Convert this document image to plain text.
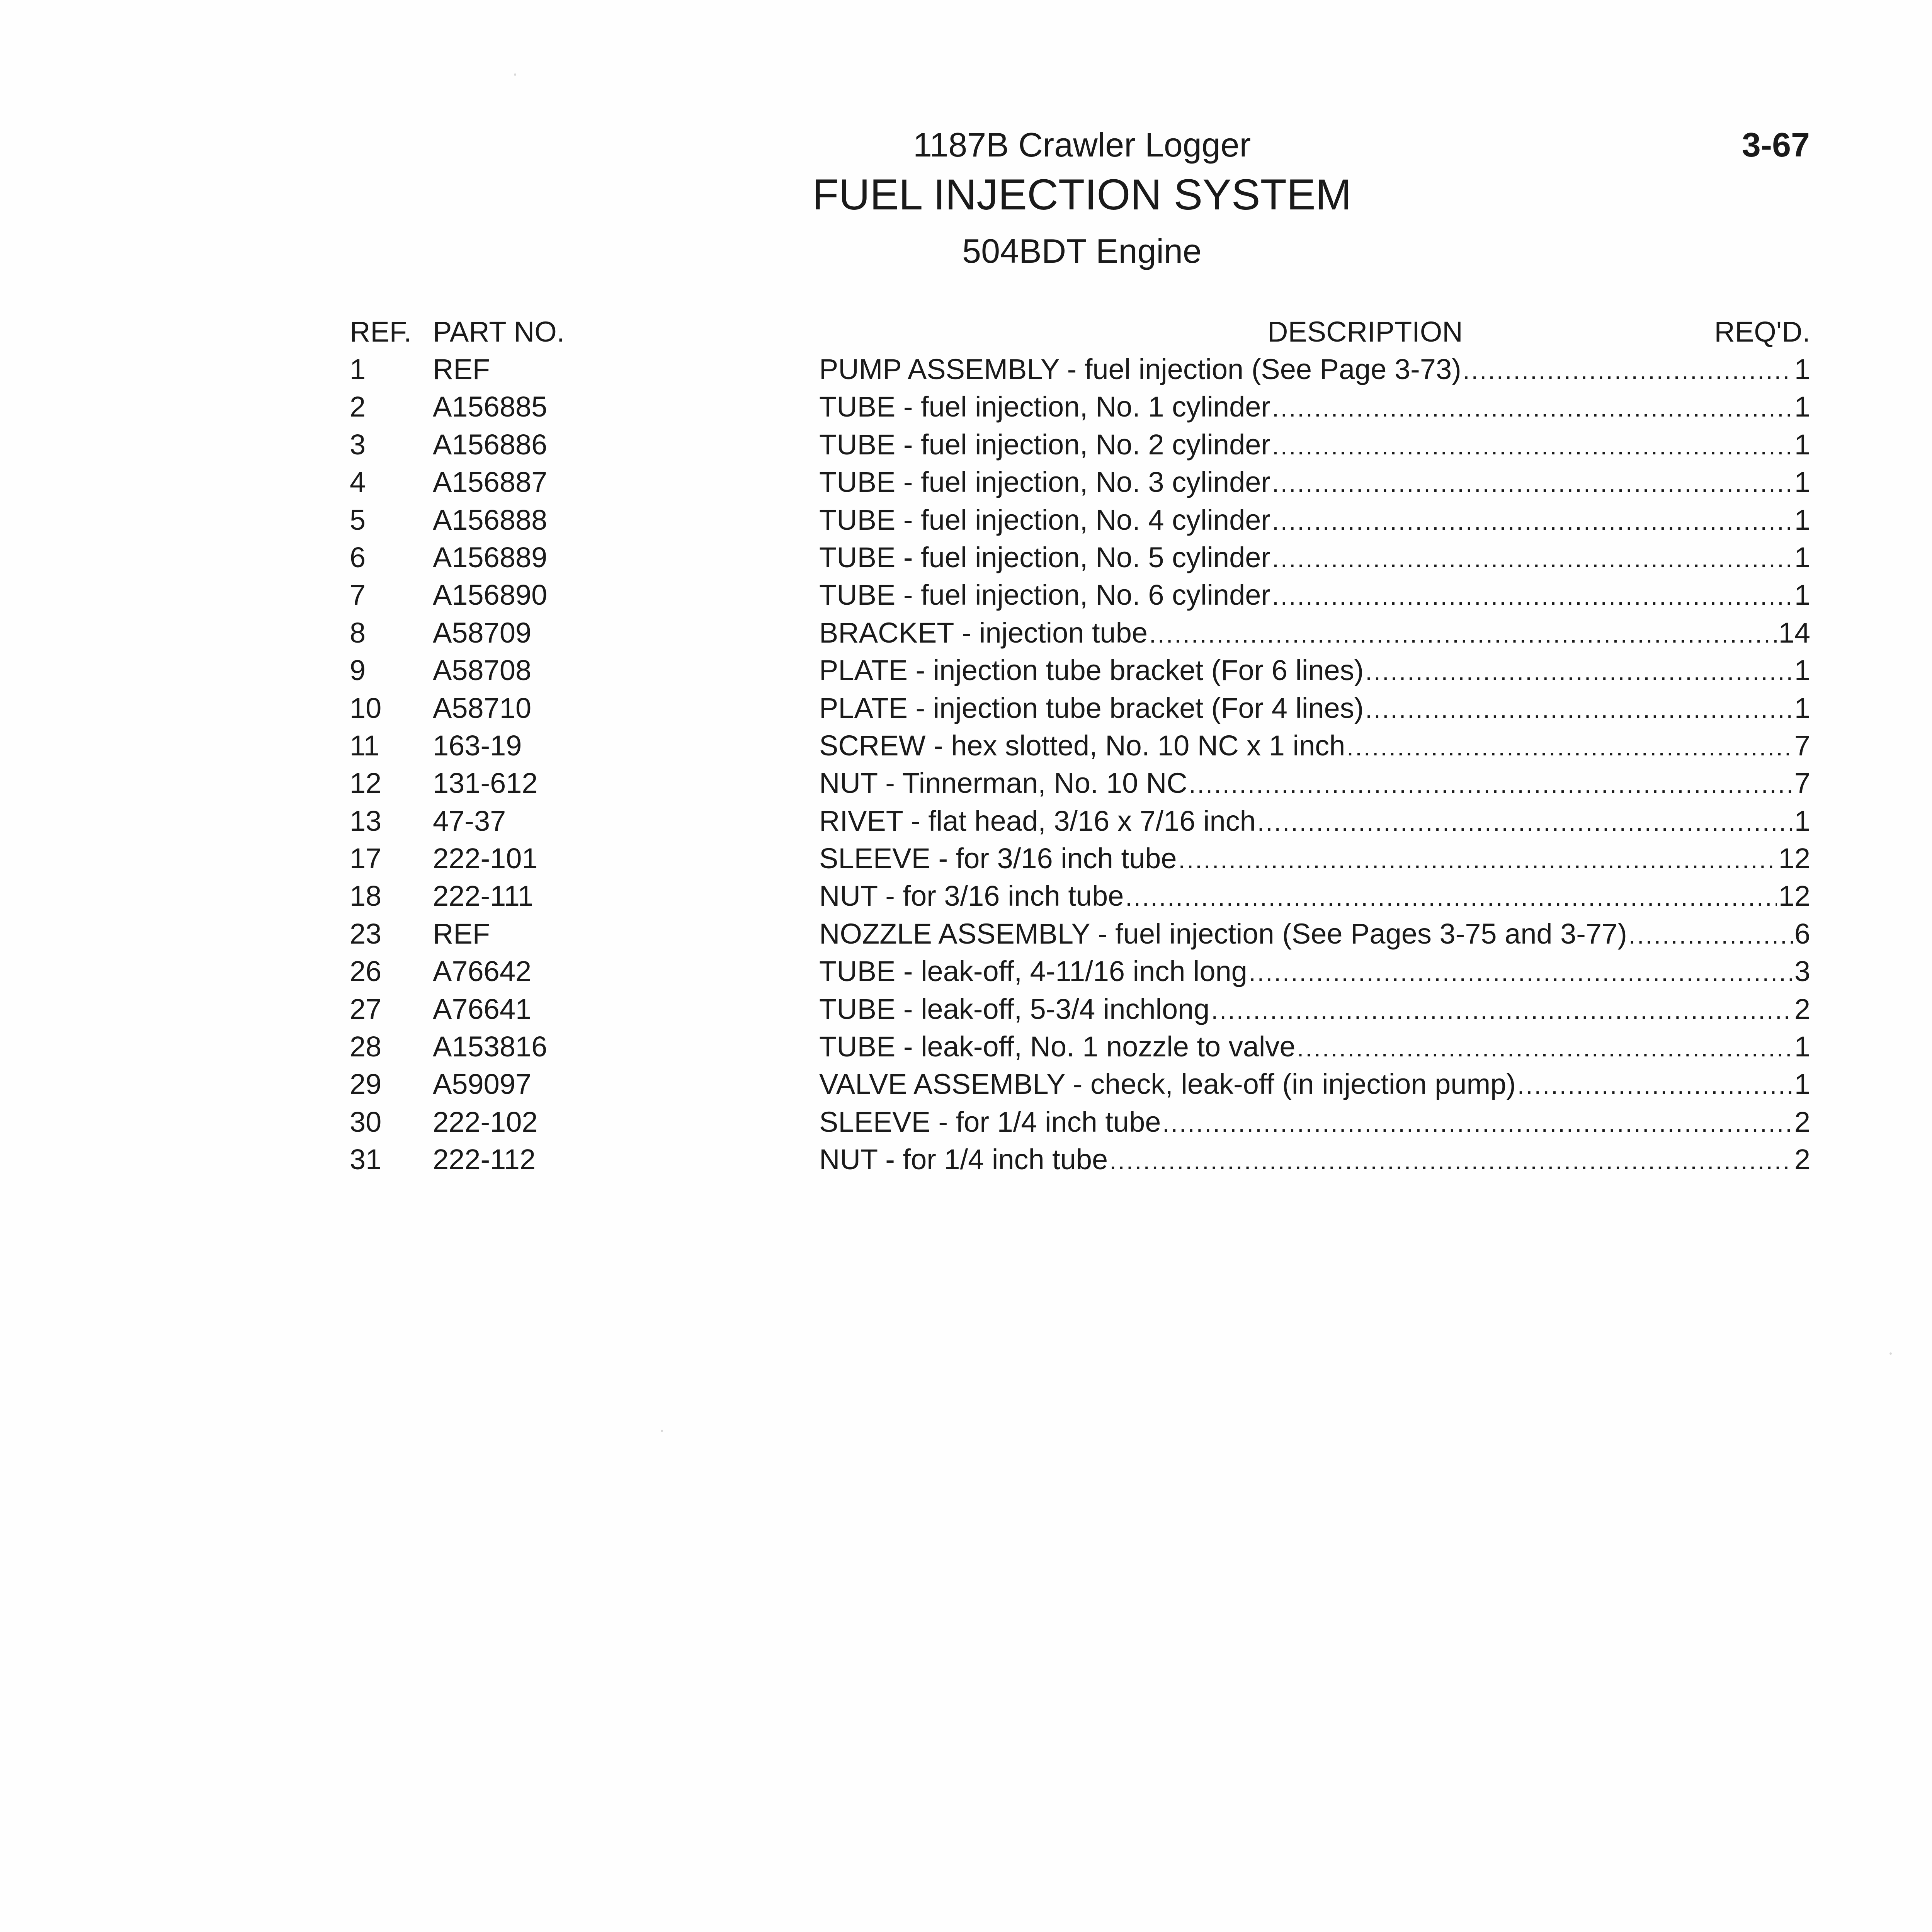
1187B Crawler Logger	3-67
FUEL INJECTION SYSTEM
504BDT Engine
REF. PART NO.	DESCRIPTION	REQ'D.
1 REF	PUMP ASSEMBLY - fuel injection (See Page 3-73) .....	1
2 A156885	TUBE - fuel injection, No. 1 cylinder .....	1
3 A156886	TUBE - fuel injection, No. 2 cylinder .....	1
4 A156887	TUBE - fuel injection, No. 3 cylinder .....	1
5 A156888	TUBE - fuel injection, No. 4 cylinder .....	1
6 A156889	TUBE - fuel injection, No. 5 cylinder .....	1
7 A156890	TUBE - fuel injection, No. 6 cylinder .....	1
8 A58709	BRACKET - injection tube .....	14
9 A58708	PLATE - injection tube bracket (For 6 lines) .....	1
10 A58710	PLATE - injection tube bracket (For 4 lines) .....	1
11 163-19	SCREW - hex slotted, No. 10 NC x 1 inch .....	7
12 131-612	NUT - Tinnerman, No. 10 NC .....	7
13 47-37	RIVET - flat head, 3/16 x 7/16 inch .....	1
17 222-101	SLEEVE - for 3/16 inch tube .....	12
18 222-111	NUT - for 3/16 inch tube .....	12
23 REF	NOZZLE ASSEMBLY - fuel injection (See Pages 3-75 and 3-77) .....	6
26 A76642	TUBE - leak-off, 4-11/16 inch long .....	3
27 A76641	TUBE - leak-off, 5-3/4 inchlong .....	2
28 A153816	TUBE - leak-off, No. 1 nozzle to valve .....	1
29 A59097	VALVE ASSEMBLY - check, leak-off (in injection pump) .....	1
30 222-102	SLEEVE - for 1/4 inch tube .....	2
31 222-112	NUT - for 1/4 inch tube .....	2
